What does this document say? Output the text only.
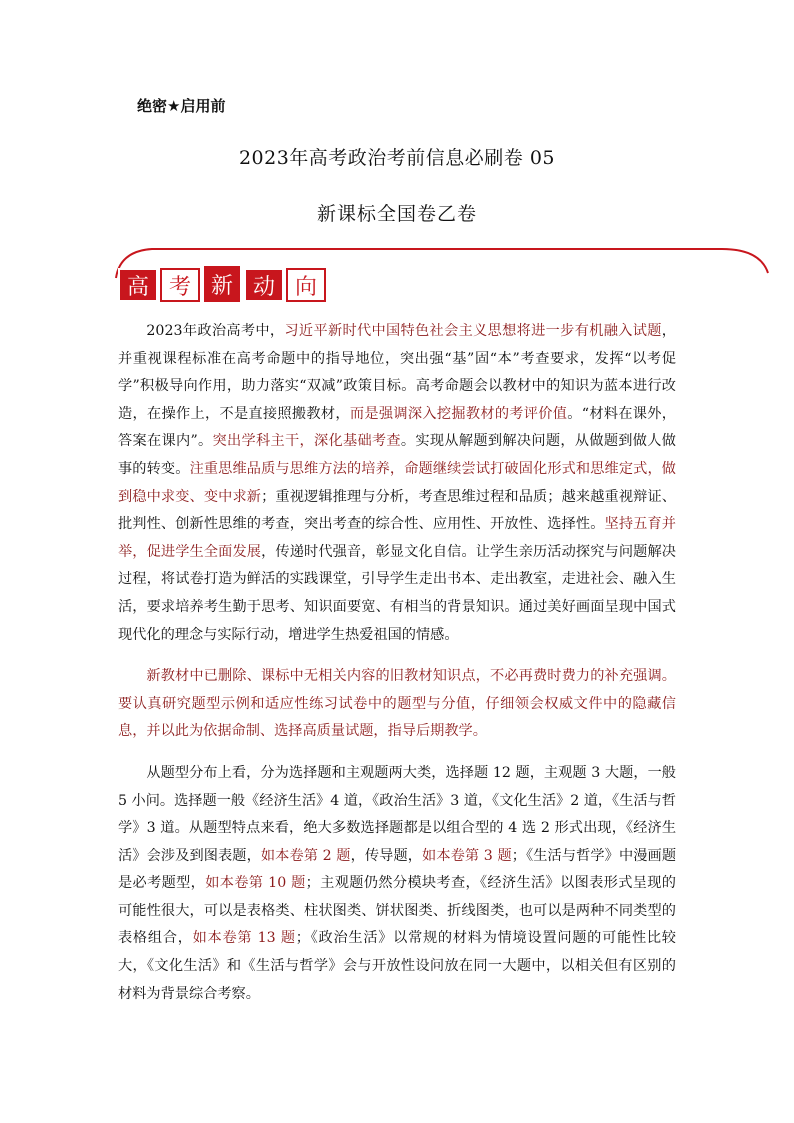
绝密★启用前
2023年高考政治考前信息必刷卷 05
新课标全国卷乙卷
高 考 新 动 向

2023年政治高考中，习近平新时代中国特色社会主义思想将进一步有机融入试题，并重视课程标准在高考命题中的指导地位，突出强“基”固“本”考查要求，发挥“以考促学”积极导向作用，助力落实“双减”政策目标。高考命题会以教材中的知识为蓝本进行改造，在操作上，不是直接照搬教材，而是强调深入挖掘教材的考评价值。“材料在课外，答案在课内”。突出学科主干，深化基础考查。实现从解题到解决问题，从做题到做人做事的转变。注重思维品质与思维方法的培养，命题继续尝试打破固化形式和思维定式，做到稳中求变、变中求新；重视逻辑推理与分析，考查思维过程和品质；越来越重视辩证、批判性、创新性思维的考查，突出考查的综合性、应用性、开放性、选择性。坚持五育并举，促进学生全面发展，传递时代强音，彰显文化自信。让学生亲历活动探究与问题解决过程，将试卷打造为鲜活的实践课堂，引导学生走出书本、走出教室，走进社会、融入生活，要求培养考生勤于思考、知识面要宽、有相当的背景知识。通过美好画面呈现中国式现代化的理念与实际行动，增进学生热爱祖国的情感。

新教材中已删除、课标中无相关内容的旧教材知识点，不必再费时费力的补充强调。要认真研究题型示例和适应性练习试卷中的题型与分值，仔细领会权威文件中的隐藏信息，并以此为依据命制、选择高质量试题，指导后期教学。

从题型分布上看，分为选择题和主观题两大类，选择题 12 题，主观题 3 大题，一般 5 小问。选择题一般《经济生活》4 道，《政治生活》3 道，《文化生活》2 道，《生活与哲学》3 道。从题型特点来看，绝大多数选择题都是以组合型的 4 选 2 形式出现，《经济生活》会涉及到图表题，如本卷第 2 题，传导题，如本卷第 3 题；《生活与哲学》中漫画题是必考题型，如本卷第 10 题；主观题仍然分模块考查，《经济生活》以图表形式呈现的可能性很大，可以是表格类、柱状图类、饼状图类、折线图类，也可以是两种不同类型的表格组合，如本卷第 13 题；《政治生活》以常规的材料为情境设置问题的可能性比较大，《文化生活》和《生活与哲学》会与开放性设问放在同一大题中，以相关但有区别的材料为背景综合考察。
